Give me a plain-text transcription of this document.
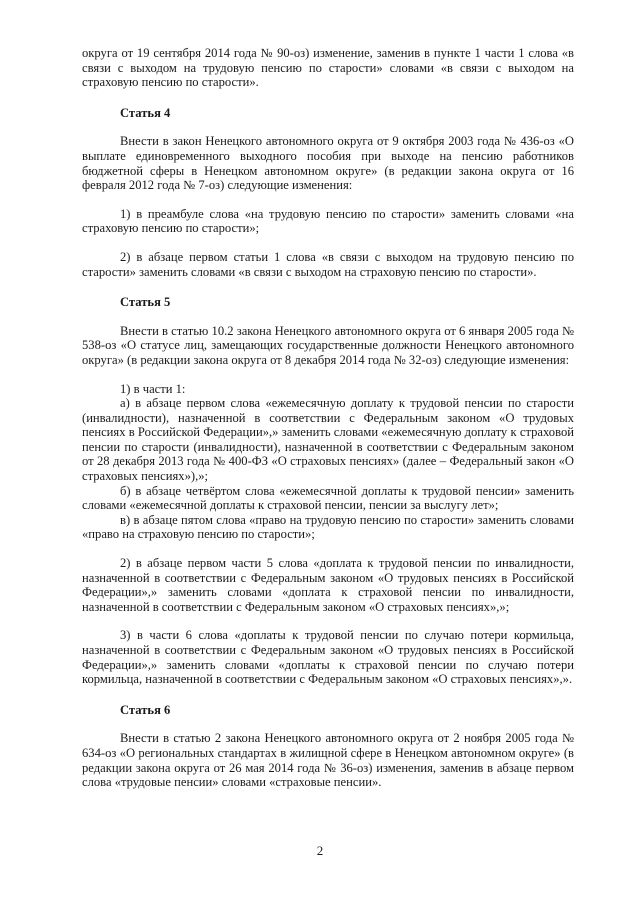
округа от 19 сентября 2014 года № 90-оз) изменение, заменив в пункте 1 части 1 слова «в связи с выходом на трудовую пенсию по старости» словами «в связи с выходом на страховую пенсию по старости».

Статья 4

Внести в закон Ненецкого автономного округа от 9 октября 2003 года № 436-оз «О выплате единовременного выходного пособия при выходе на пенсию работников бюджетной сферы в Ненецком автономном округе» (в редакции закона округа от 16 февраля 2012 года № 7-оз) следующие изменения:

1) в преамбуле слова «на трудовую пенсию по старости» заменить словами «на страховую пенсию по старости»;

2) в абзаце первом статьи 1 слова «в связи с выходом на трудовую пенсию по старости» заменить словами «в связи с выходом на страховую пенсию по старости».

Статья 5

Внести в статью 10.2 закона Ненецкого автономного округа от 6 января 2005 года № 538-оз «О статусе лиц, замещающих государственные должности Ненецкого автономного округа» (в редакции закона округа от 8 декабря 2014 года № 32-оз) следующие изменения:

1) в части 1:

а) в абзаце первом слова «ежемесячную доплату к трудовой пенсии по старости (инвалидности), назначенной в соответствии с Федеральным законом «О трудовых пенсиях в Российской Федерации»,» заменить словами «ежемесячную доплату к страховой пенсии по старости (инвалидности), назначенной в соответствии с Федеральным законом от 28 декабря 2013 года № 400-ФЗ «О страховых пенсиях» (далее – Федеральный закон «О страховых пенсиях»),»;

б) в абзаце четвёртом слова «ежемесячной доплаты к трудовой пенсии» заменить словами «ежемесячной доплаты к страховой пенсии, пенсии за выслугу лет»;

в) в абзаце пятом слова «право на трудовую пенсию по старости» заменить словами «право на страховую пенсию по старости»;

2) в абзаце первом части 5 слова «доплата к трудовой пенсии по инвалидности, назначенной в соответствии с Федеральным законом «О трудовых пенсиях в Российской Федерации»,» заменить словами «доплата к страховой пенсии по инвалидности, назначенной в соответствии с Федеральным законом «О страховых пенсиях»,»;

3) в части 6 слова «доплаты к трудовой пенсии по случаю потери кормильца, назначенной в соответствии с Федеральным законом «О трудовых пенсиях в Российской Федерации»,» заменить словами «доплаты к страховой пенсии по случаю потери кормильца, назначенной в соответствии с Федеральным законом «О страховых пенсиях»,».

Статья 6

Внести в статью 2 закона Ненецкого автономного округа от 2 ноября 2005 года № 634-оз «О региональных стандартах в жилищной сфере в Ненецком автономном округе» (в редакции закона округа от 26 мая 2014 года № 36-оз) изменения, заменив в абзаце первом слова «трудовые пенсии» словами «страховые пенсии».

2
